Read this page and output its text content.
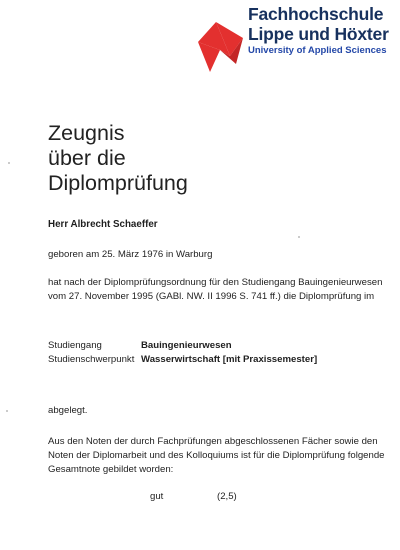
Fachhochschule
Lippe und Höxter
University of Applied Sciences
Zeugnis
über die
Diplomprüfung
Herr Albrecht Schaeffer
geboren am 25. März 1976 in Warburg
hat nach der Diplomprüfungsordnung für den Studiengang Bauingenieurwesen
vom 27. November 1995 (GABl. NW. II 1996 S. 741 ff.) die Diplomprüfung im
Studiengang	Bauingenieurwesen
Studienschwerpunkt Wasserwirtschaft [mit Praxissemester]
abgelegt.
Aus den Noten der durch Fachprüfungen abgeschlossenen Fächer sowie den
Noten der Diplomarbeit und des Kolloquiums ist für die Diplomprüfung folgende
Gesamtnote gebildet worden:
gut	(2,5)
